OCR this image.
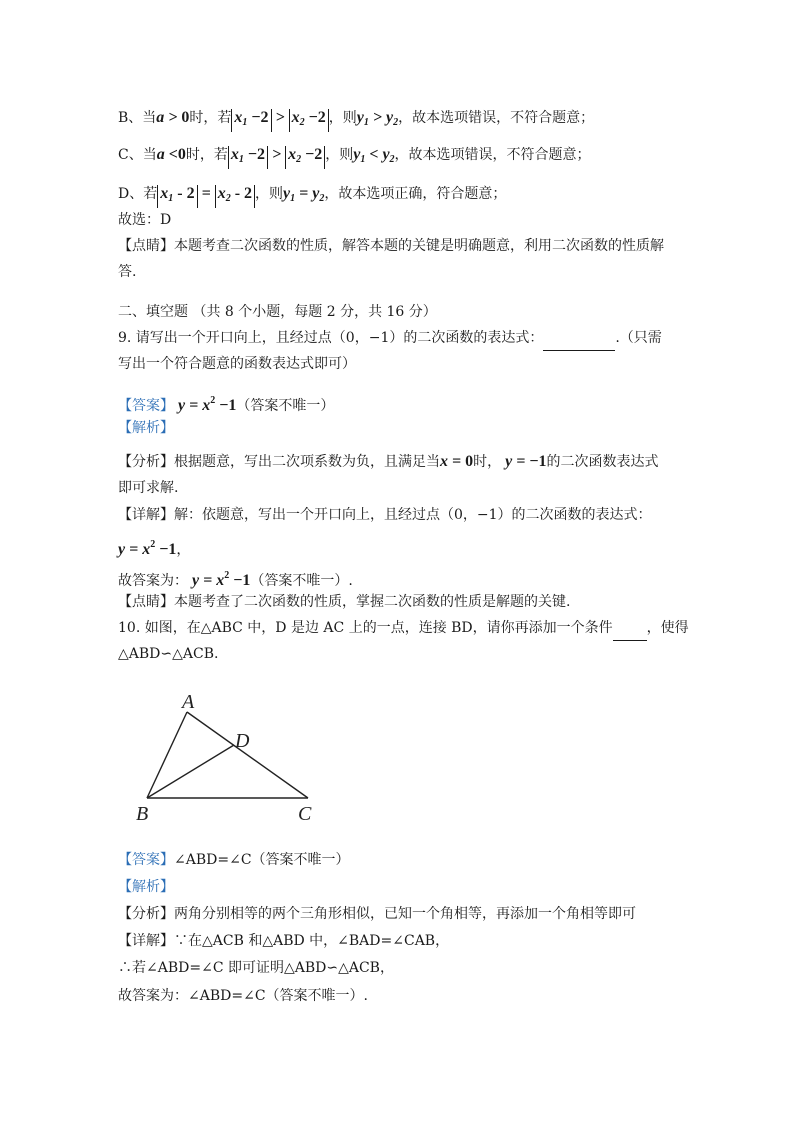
B、当a > 0时，若 $x_1 -2 > x_2 -2$ ，则$y_1 > y_2$，故本选项错误，不符合题意；
C、当a <0时，若 $x_1 -2 > x_2 -2$ ，则$y_1 < y_2$，故本选项错误，不符合题意；
D、若 $x_1 - 2 = x_2 - 2$ ，则$y_1 = y_2$，故本选项正确，符合题意；
故选：D
【点睛】本题考查二次函数的性质，解答本题的关键是明确题意，利用二次函数的性质解
答.
二、填空题 （共 8 个小题，每题 2 分，共 16 分）
9. 请写出一个开口向上，且经过点（0，−1）的二次函数的表达式：	.（只需
写出一个符合题意的函数表达式即可）
【答案】 $y = x^2 -1$（答案不唯一）
【解析】
【分析】根据题意，写出二次项系数为负，且满足当x = 0时， y = −1的二次函数表达式
即可求解.
【详解】解：依题意，写出一个开口向上，且经过点（0，−1）的二次函数的表达式：
$y = x^2 -1$，
故答案为： $y = x^2 -1$（答案不唯一）.
【点睛】本题考查了二次函数的性质，掌握二次函数的性质是解题的关键.
10. 如图，在△ABC 中，D 是边 AC 上的一点，连接 BD，请你再添加一个条件 ，使得
△ABD∽△ACB.
A
D
B	C
【答案】∠ABD=∠C（答案不唯一）
【解析】
【分析】两角分别相等的两个三角形相似，已知一个角相等，再添加一个角相等即可
【详解】∵在△ACB 和△ABD 中，∠BAD=∠CAB，
∴若∠ABD=∠C 即可证明△ABD∽△ACB，
故答案为：∠ABD=∠C（答案不唯一）.
